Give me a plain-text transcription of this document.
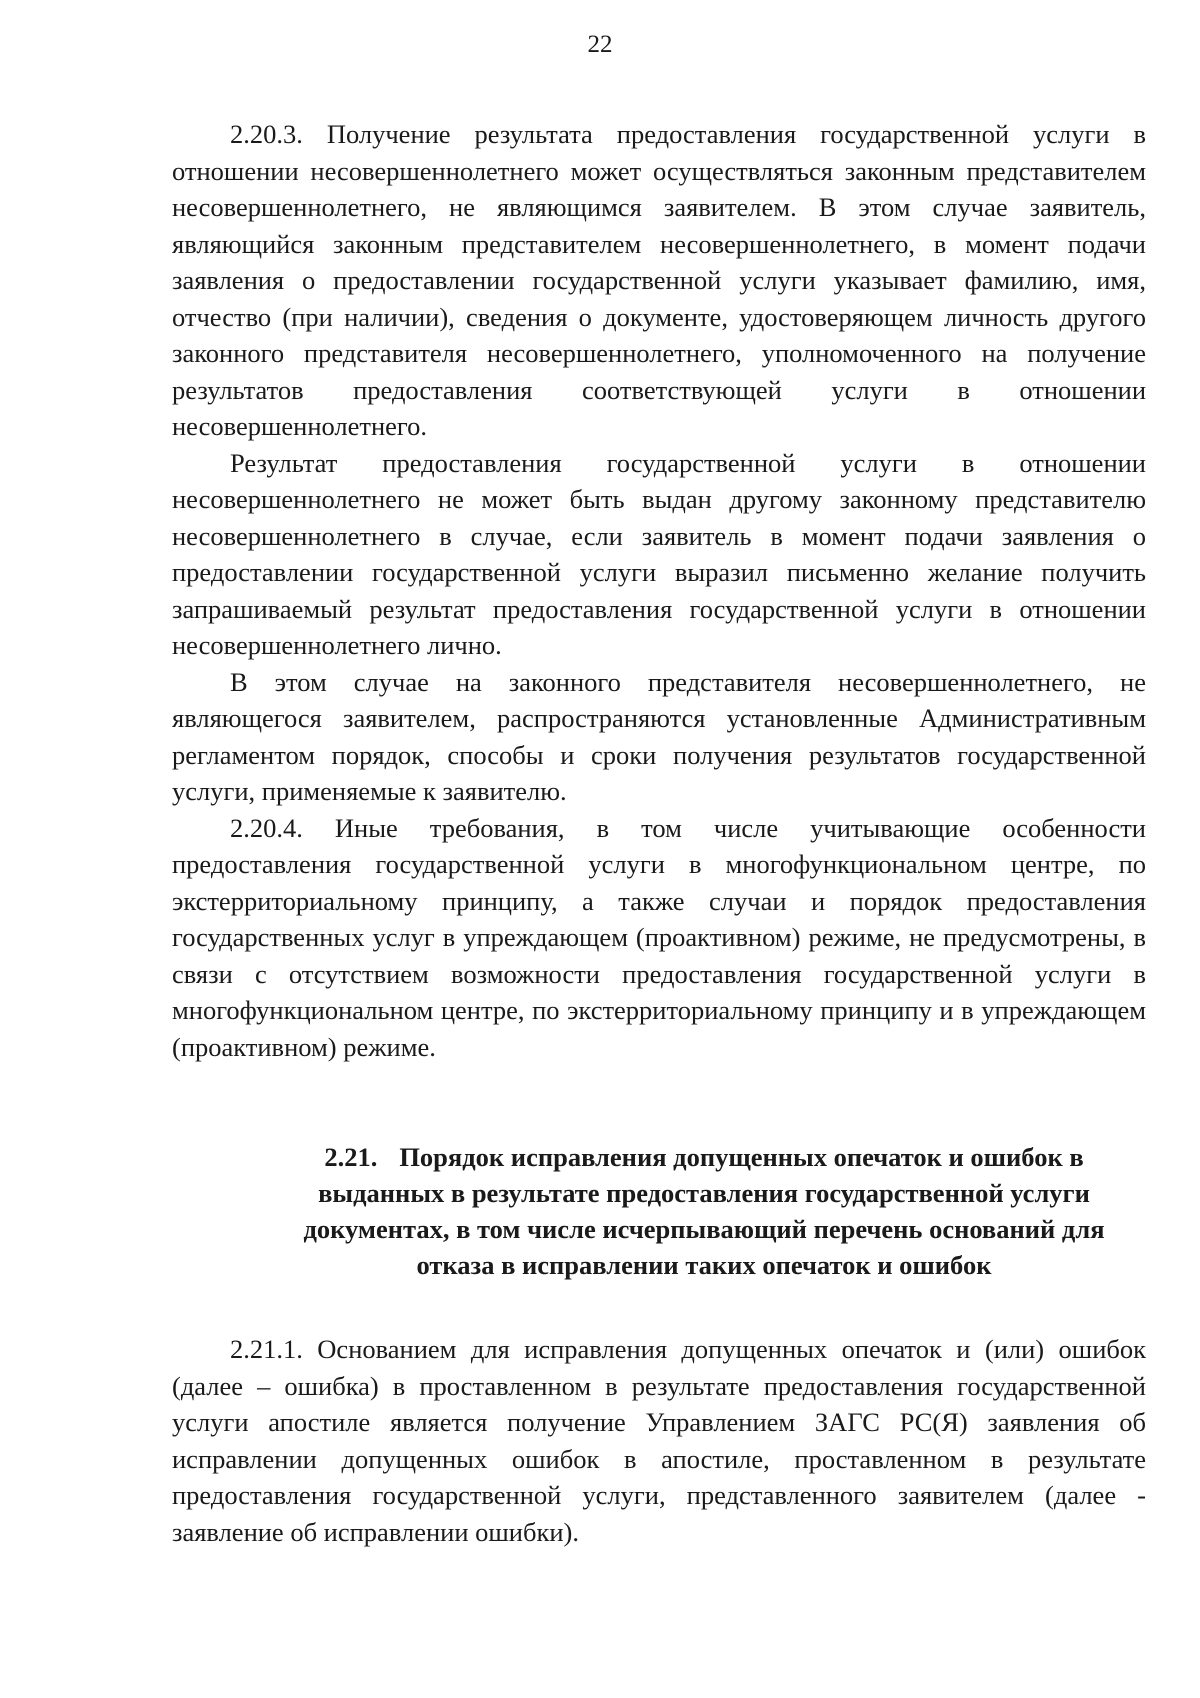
22

2.20.3. Получение результата предоставления государственной услуги в отношении несовершеннолетнего может осуществляться законным представителем несовершеннолетнего, не являющимся заявителем. В этом случае заявитель, являющийся законным представителем несовершеннолетнего, в момент подачи заявления о предоставлении государственной услуги указывает фамилию, имя, отчество (при наличии), сведения о документе, удостоверяющем личность другого законного представителя несовершеннолетнего, уполномоченного на получение результатов предоставления соответствующей услуги в отношении несовершеннолетнего.

Результат предоставления государственной услуги в отношении несовершеннолетнего не может быть выдан другому законному представителю несовершеннолетнего в случае, если заявитель в момент подачи заявления о предоставлении государственной услуги выразил письменно желание получить запрашиваемый результат предоставления государственной услуги в отношении несовершеннолетнего лично.

В этом случае на законного представителя несовершеннолетнего, не являющегося заявителем, распространяются установленные Административным регламентом порядок, способы и сроки получения результатов государственной услуги, применяемые к заявителю.

2.20.4. Иные требования, в том числе учитывающие особенности предоставления государственной услуги в многофункциональном центре, по экстерриториальному принципу, а также случаи и порядок предоставления государственных услуг в упреждающем (проактивном) режиме, не предусмотрены, в связи с отсутствием возможности предоставления государственной услуги в многофункциональном центре, по экстерриториальному принципу и в упреждающем (проактивном) режиме.

2.21. Порядок исправления допущенных опечаток и ошибок в выданных в результате предоставления государственной услуги документах, в том числе исчерпывающий перечень оснований для отказа в исправлении таких опечаток и ошибок

2.21.1. Основанием для исправления допущенных опечаток и (или) ошибок (далее – ошибка) в проставленном в результате предоставления государственной услуги апостиле является получение Управлением ЗАГС РС(Я) заявления об исправлении допущенных ошибок в апостиле, проставленном в результате предоставления государственной услуги, представленного заявителем (далее - заявление об исправлении ошибки).
